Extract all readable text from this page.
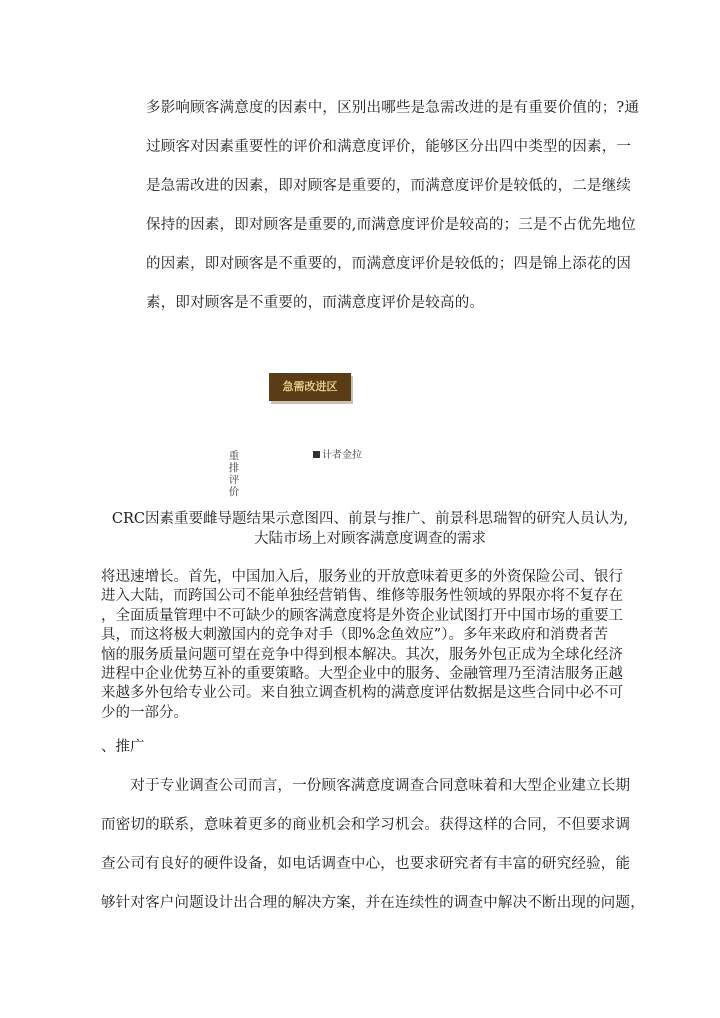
多影响顾客满意度的因素中，区别出哪些是急需改进的是有重要价值的；?通
过顾客对因素重要性的评价和满意度评价，能够区分出四中类型的因素，一
是急需改进的因素，即对顾客是重要的，而满意度评价是较低的，二是继续
保持的因素，即对顾客是重要的,而满意度评价是较高的；三是不占优先地位
的因素，即对顾客是不重要的，而满意度评价是较低的；四是锦上添花的因
素，即对顾客是不重要的，而满意度评价是较高的。
急需改进区
计者金拉
重
排
评
价
CRC因素重要雌导题结果示意图四、前景与推广、前景科思瑞智的研究人员认为,
大陆市场上对顾客满意度调查的需求
将迅速增长。首先，中国加入后，服务业的开放意味着更多的外资保险公司、银行
进入大陆，而跨国公司不能单独经营销售、维修等服务性领域的界限亦将不复存在
，全面质量管理中不可缺少的顾客满意度将是外资企业试图打开中国市场的重要工
具，而这将极大刺激国内的竞争对手（即%念鱼效应”）。多年来政府和消费者苦
恼的服务质量问题可望在竞争中得到根本解决。其次，服务外包正成为全球化经济
进程中企业优势互补的重要策略。大型企业中的服务、金融管理乃至清洁服务正越
来越多外包给专业公司。来自独立调查机构的满意度评估数据是这些合同中必不可
少的一部分。
、推广
　　对于专业调查公司而言，一份顾客满意度调查合同意味着和大型企业建立长期
而密切的联系，意味着更多的商业机会和学习机会。获得这样的合同，不但要求调
查公司有良好的硬件设备，如电话调查中心，也要求研究者有丰富的研究经验，能
够针对客户问题设计出合理的解决方案，并在连续性的调查中解决不断出现的问题，
